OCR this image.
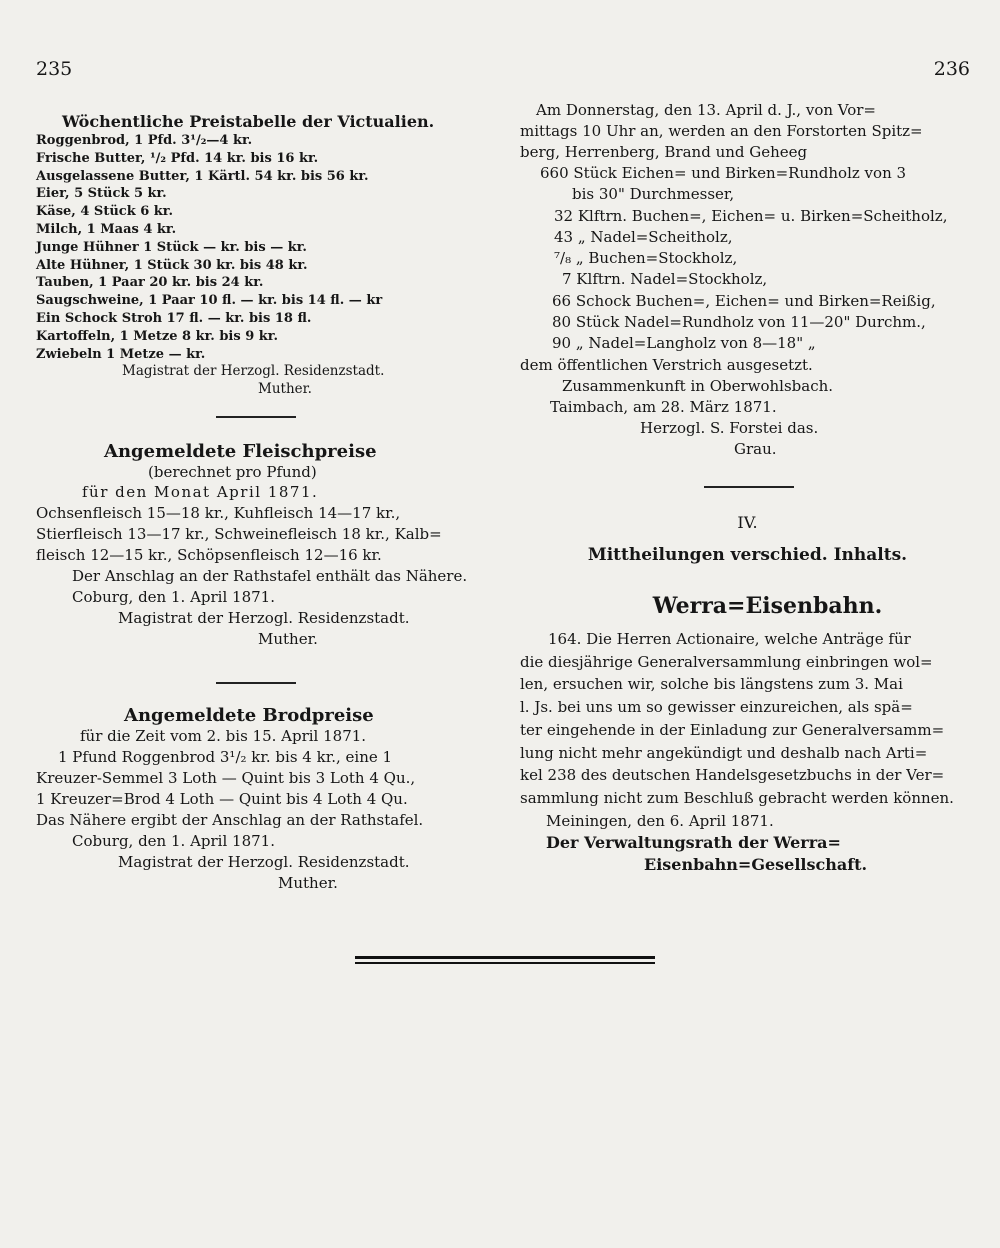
235	236
Wöchentliche Preistabelle der Victualien.
Roggenbrod, 1 Pfd. 3¹/₂—4 kr.
Frische Butter, ¹/₂ Pfd. 14 kr. bis 16 kr.
Ausgelassene Butter, 1 Kärtl. 54 kr. bis 56 kr.
Eier, 5 Stück 5 kr.
Käse, 4 Stück 6 kr.
Milch, 1 Maas 4 kr.
Junge Hühner 1 Stück — kr. bis — kr.
Alte Hühner, 1 Stück 30 kr. bis 48 kr.
Tauben, 1 Paar 20 kr. bis 24 kr.
Saugschweine, 1 Paar 10 fl. — kr. bis 14 fl. — kr
Ein Schock Stroh 17 fl. — kr. bis 18 fl.
Kartoffeln, 1 Metze 8 kr. bis 9 kr.
Zwiebeln 1 Metze — kr.
Magistrat der Herzogl. Residenzstadt.
Muther.
Angemeldete Fleischpreise
(berechnet pro Pfund)
für den Monat April 1871.
Ochsenfleisch 15—18 kr., Kuhfleisch 14—17 kr.,
Stierfleisch 13—17 kr., Schweinefleisch 18 kr., Kalb=
fleisch 12—15 kr., Schöpsenfleisch 12—16 kr.
Der Anschlag an der Rathstafel enthält das Nähere.
Coburg, den 1. April 1871.
Magistrat der Herzogl. Residenzstadt.
Muther.
Angemeldete Brodpreise
für die Zeit vom 2. bis 15. April 1871.
1 Pfund Roggenbrod 3¹/₂ kr. bis 4 kr., eine 1
Kreuzer-Semmel 3 Loth — Quint bis 3 Loth 4 Qu.,
1 Kreuzer=Brod 4 Loth — Quint bis 4 Loth 4 Qu.
Das Nähere ergibt der Anschlag an der Rathstafel.
Coburg, den 1. April 1871.
Magistrat der Herzogl. Residenzstadt.
Muther.
Am Donnerstag, den 13. April d. J., von Vor=
mittags 10 Uhr an, werden an den Forstorten Spitz=
berg, Herrenberg, Brand und Geheeg
660 Stück Eichen= und Birken=Rundholz von 3
bis 30" Durchmesser,
32 Klftrn. Buchen=, Eichen= u. Birken=Scheitholz,
43 „ Nadel=Scheitholz,
⁷/₈ „ Buchen=Stockholz,
7 Klftrn. Nadel=Stockholz,
66 Schock Buchen=, Eichen= und Birken=Reißig,
80 Stück Nadel=Rundholz von 11—20" Durchm.,
90 „ Nadel=Langholz von 8—18" „
dem öffentlichen Verstrich ausgesetzt.
Zusammenkunft in Oberwohlsbach.
Taimbach, am 28. März 1871.
Herzogl. S. Forstei das.
Grau.
IV.
Mittheilungen verschied. Inhalts.
Werra=Eisenbahn.

164. Die Herren Actionaire, welche Anträge für

die diesjährige Generalversammlung einbringen wol=

len, ersuchen wir, solche bis längstens zum 3. Mai

l. Js. bei uns um so gewisser einzureichen, als spä=

ter eingehende in der Einladung zur Generalversamm=

lung nicht mehr angekündigt und deshalb nach Arti=

kel 238 des deutschen Handelsgesetzbuchs in der Ver=

sammlung nicht zum Beschluß gebracht werden können.

Meiningen, den 6. April 1871.
Der Verwaltungsrath der Werra=
Eisenbahn=Gesellschaft.
